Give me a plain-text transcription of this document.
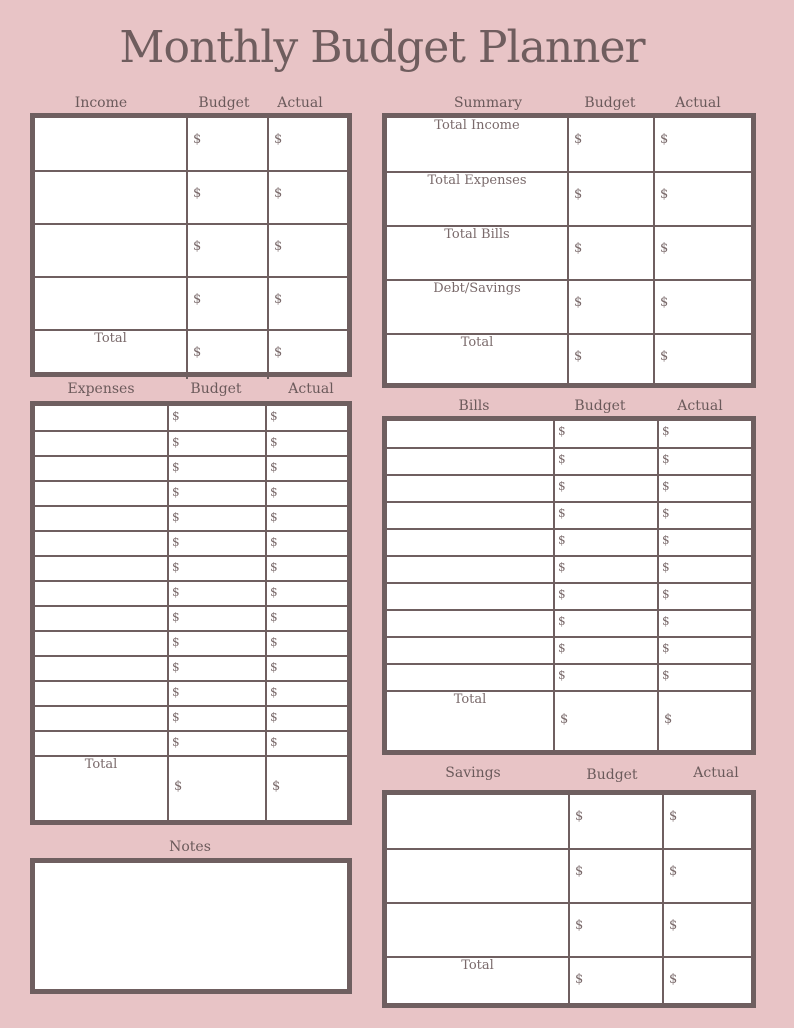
Monthly Budget Planner
Income	Budget	Actual
	$	$
	$	$
	$	$
	$	$
Total	$	$
Expenses	Budget	Actual
	$	$
	$	$
	$	$
	$	$
	$	$
	$	$
	$	$
	$	$
	$	$
	$	$
	$	$
	$	$
	$	$
	$	$
Total	$	$
Notes
Summary	Budget	Actual
Total Income	$	$
Total Expenses	$	$
Total Bills	$	$
Debt/Savings	$	$
Total	$	$
Bills	Budget	Actual
	$	$
	$	$
	$	$
	$	$
	$	$
	$	$
	$	$
	$	$
	$	$
	$	$
Total	$	$
Savings	Budget	Actual
	$	$
	$	$
	$	$
Total	$	$
